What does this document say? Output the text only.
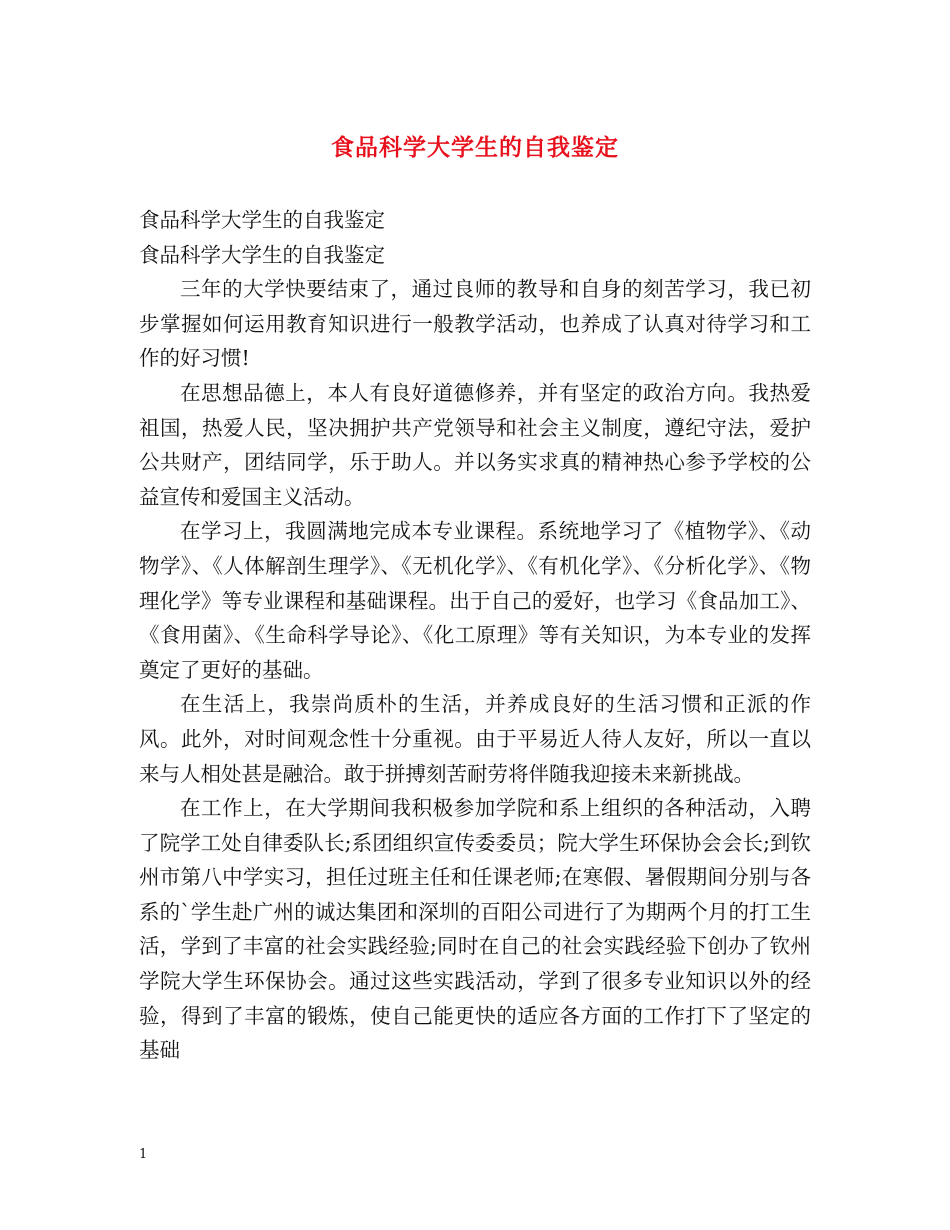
食品科学大学生的自我鉴定

食品科学大学生的自我鉴定

食品科学大学生的自我鉴定

三年的大学快要结束了，通过良师的教导和自身的刻苦学习，我已初步掌握如何运用教育知识进行一般教学活动，也养成了认真对待学习和工作的好习惯!

在思想品德上，本人有良好道德修养，并有坚定的政治方向。我热爱祖国，热爱人民，坚决拥护共产党领导和社会主义制度，遵纪守法，爱护公共财产，团结同学，乐于助人。并以务实求真的精神热心参予学校的公益宣传和爱国主义活动。

在学习上，我圆满地完成本专业课程。系统地学习了《植物学》、《动物学》、《人体解剖生理学》、《无机化学》、《有机化学》、《分析化学》、《物理化学》等专业课程和基础课程。出于自己的爱好，也学习《食品加工》、《食用菌》、《生命科学导论》、《化工原理》等有关知识，为本专业的发挥奠定了更好的基础。

在生活上，我崇尚质朴的生活，并养成良好的生活习惯和正派的作风。此外，对时间观念性十分重视。由于平易近人待人友好，所以一直以来与人相处甚是融洽。敢于拼搏刻苦耐劳将伴随我迎接未来新挑战。

在工作上，在大学期间我积极参加学院和系上组织的各种活动，入聘了院学工处自律委队长;系团组织宣传委委员；院大学生环保协会会长;到钦州市第八中学实习，担任过班主任和任课老师;在寒假、暑假期间分别与各系的`学生赴广州的诚达集团和深圳的百阳公司进行了为期两个月的打工生活，学到了丰富的社会实践经验;同时在自己的社会实践经验下创办了钦州学院大学生环保协会。通过这些实践活动，学到了很多专业知识以外的经验，得到了丰富的锻炼，使自己能更快的适应各方面的工作打下了坚定的基础

1
